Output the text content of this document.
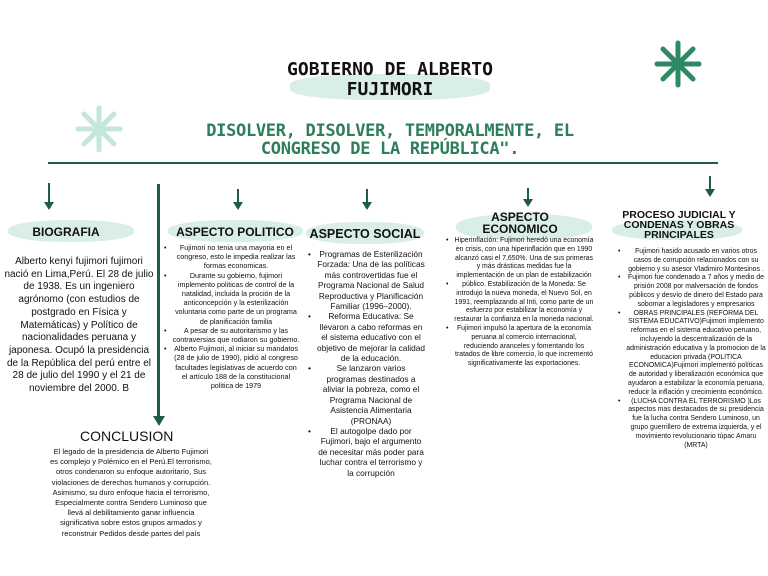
GOBIERNO DE ALBERTO FUJIMORI
DISOLVER, DISOLVER, TEMPORALMENTE, EL CONGRESO DE LA REPÚBLICA".
BIOGRAFIA
Alberto kenyi fujimori fujimori nació en Lima,Perú. El 28 de julio de 1938. Es un ingeniero agrónomo (con estudios de postgrado en Física y Matemáticas) y Político de nacionalidades peruana y japonesa. Ocupó la presidencia de la República del perú entre el 28 de julio del 1990 y el 21 de noviembre del 2000. B
CONCLUSION
El legado de la presidencia de Alberto Fujimori es complejo y Polémico en el Perú.El terrorismo, otros condenaron su enfoque autoritario, Sus violaciones de derechos humanos y corrupción. Asimismo, su duro enfoque hacia el terrorismo, Especialmente contra Sendero Luminoso que llevá al debilitamiento ganar influencia significativa sobre estos grupos armados y reconstruir Pedidos desde partes del país
ASPECTO POLITICO
• Fujimori no tenia una mayoria en el congreso, esto le impedia realizar las formas economicas.
• Durante su gobierno, fujimori implemento politicas de control de la natalidad, incluida la proción de la anticoncepción y la esterilización voluntaria como parte de un programa de planificación familia
• A pesar de su autoritarismo y las contraversias que rodiaron su gobierno.
• Alberto Fujimori, al iniciar su mandatos (28 de julio de 1990), pidió al congreso facultades legislativas de acuerdo con el artículo 188 de la constitucional politica de 1979
ASPECTO SOCIAL
• Programas de Esterilización Forzada: Una de las políticas más controvertidas fue el Programa Nacional de Salud Reproductiva y Planificación Familiar (1996–2000).
• Reforma Educativa: Se llevaron a cabo reformas en el sistema educativo con el objetivo de mejorar la calidad de la educación.
• Se lanzaron varios programas destinados a aliviar la pobreza, como el Programa Nacional de Asistencia Alimentaria (PRONAA)
• El autogolpe dado por Fujimori, bajo el argumento de necesitar más poder para luchar contra el terrorismo y la corrupción
ASPECTO ECONOMICO
• Hiperinflación: Fujimori heredó una economía en crisis, con una hiperinflación que en 1990 alcanzó casi el 7,650%. Una de sus primeras y más drásticas medidas fue la implementación de un plan de estabilización
• público. Estabilización de la Moneda: Se introdujo la nueva moneda, el Nuevo Sol, en 1991, reemplazando al Inti, como parte de un esfuerzo por estabilizar la economía y restaurar la confianza en la moneda nacional.
• Fujimori impulsó la apertura de la economía peruana al comercio internacional, reduciendo aranceles y fomentando los tratados de libre comercio, lo que incrementó significativamente las exportaciones.
PROCESO JUDICIAL Y CONDENAS Y OBRAS PRINCIPALES
• Fujimori hasido acusado en varios otros casos de corrupción relacionados con su gobierno y su asesor Vladimiro Montesinos .
• Fujimori fue condenado a 7 años y medio de prisión 2008 por malversación de fondos públicos y desvío de dinero del Estado para sobornar a legisladores y empresarios
• OBRAS PRINCIPALES (REFORMA DEL SISTEMA EDUCATIVO)Fujimori implemento reformas en el sistema educativo peruano, incluyendo la descentralización de la administración educativa y la promocion de la educacion privada (POLITICA ECONOMICA)Fujimori implementó políticas de autoridad y liberalización económica que ayudaron a estabilizar la economía peruana, reducir la inflación y crecimiento económico.
• (LUCHA CONTRA EL TERRORISMO )Los aspectos mas destacados de su presidencia fue la lucha contra Sendero Luminoso, un grupo guerrillero de extrema izquierda, y el movimiento revolucionario túpac Amaru (MRTA)
